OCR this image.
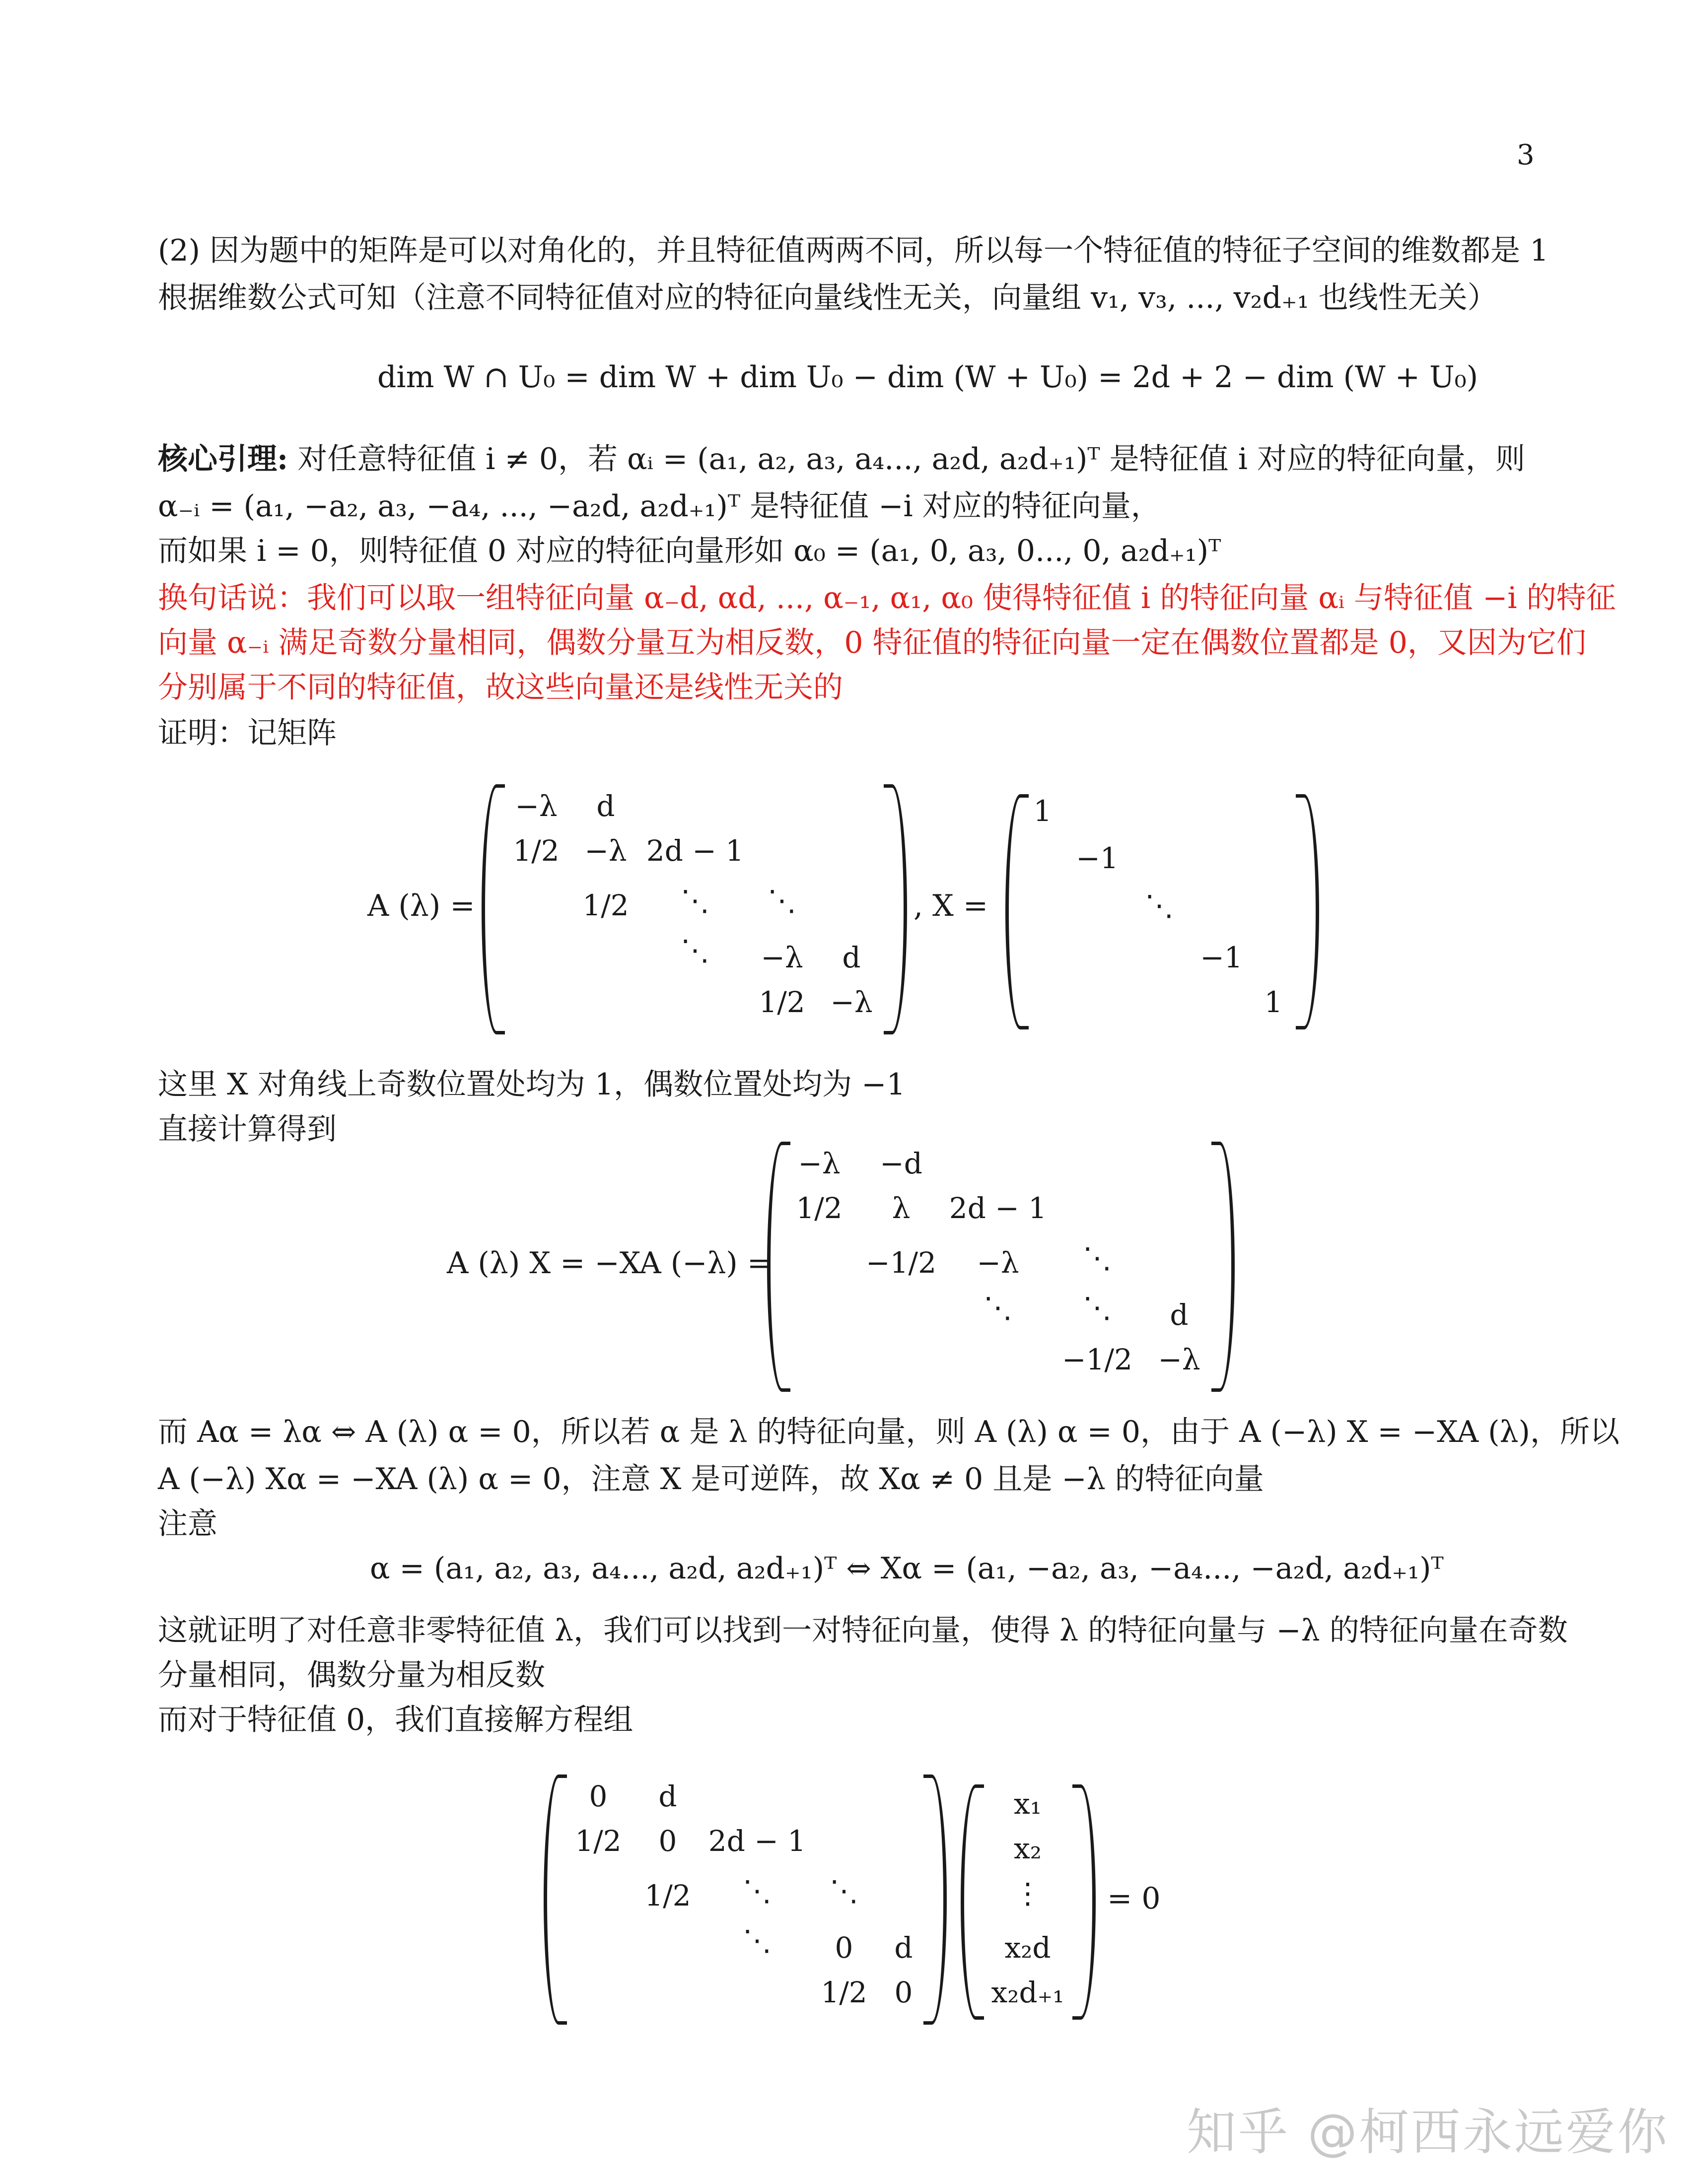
3
(2) 因为题中的矩阵是可以对角化的，并且特征值两两不同，所以每一个特征值的特征子空间的维数都是 1
根据维数公式可知（注意不同特征值对应的特征向量线性无关，向量组 v₁, v₃, ..., v₂d₊₁ 也线性无关）
dim W ∩ U₀ = dim W + dim U₀ − dim (W + U₀) = 2d + 2 − dim (W + U₀)
核心引理: 对任意特征值 i ≠ 0，若 αᵢ = (a₁, a₂, a₃, a₄..., a₂d, a₂d₊₁)ᵀ 是特征值 i 对应的特征向量，则
α₋ᵢ = (a₁, −a₂, a₃, −a₄, ..., −a₂d, a₂d₊₁)ᵀ 是特征值 −i 对应的特征向量，
而如果 i = 0，则特征值 0 对应的特征向量形如 α₀ = (a₁, 0, a₃, 0..., 0, a₂d₊₁)ᵀ
换句话说：我们可以取一组特征向量 α₋d, αd, ..., α₋₁, α₁, α₀ 使得特征值 i 的特征向量 αᵢ 与特征值 −i 的特征
向量 α₋ᵢ 满足奇数分量相同，偶数分量互为相反数，0 特征值的特征向量一定在偶数位置都是 0，又因为它们
分别属于不同的特征值，故这些向量还是线性无关的
证明：记矩阵
A (λ) =
−λ d
1/2 −λ 2d − 1
1/2 ⋱ ⋱
⋱ −λ d
1/2 −λ
, X =
1
−1
⋱
−1
1
这里 X 对角线上奇数位置处均为 1，偶数位置处均为 −1
直接计算得到
A (λ) X = −XA (−λ) =
−λ −d
1/2 λ 2d − 1
−1/2 −λ ⋱
⋱ ⋱ d
−1/2 −λ
而 Aα = λα ⇔ A (λ) α = 0，所以若 α 是 λ 的特征向量，则 A (λ) α = 0，由于 A (−λ) X = −XA (λ)，所以
A (−λ) Xα = −XA (λ) α = 0，注意 X 是可逆阵，故 Xα ≠ 0 且是 −λ 的特征向量
注意
α = (a₁, a₂, a₃, a₄..., a₂d, a₂d₊₁)ᵀ ⇔ Xα = (a₁, −a₂, a₃, −a₄..., −a₂d, a₂d₊₁)ᵀ
这就证明了对任意非零特征值 λ，我们可以找到一对特征向量，使得 λ 的特征向量与 −λ 的特征向量在奇数
分量相同，偶数分量为相反数
而对于特征值 0，我们直接解方程组
0 d
1/2 0 2d − 1
1/2 ⋱ ⋱
⋱ 0 d
1/2 0
x₁
x₂
⋮
x₂d
x₂d₊₁
= 0
知乎 @柯西永远爱你
